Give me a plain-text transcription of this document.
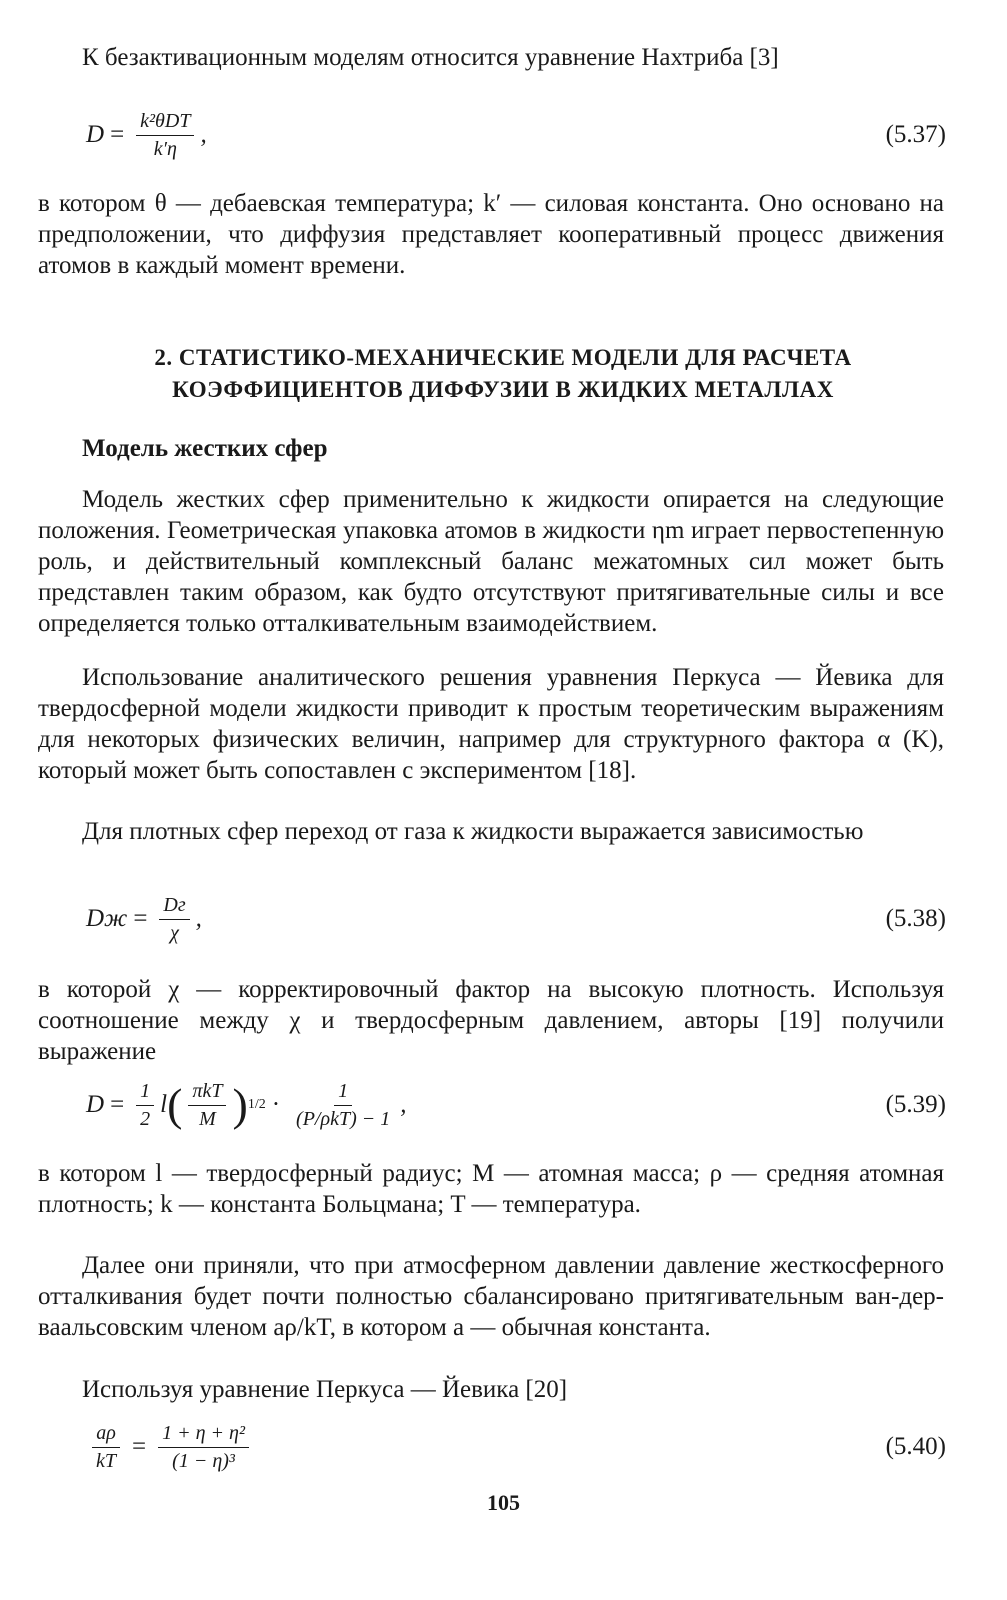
К безактивационным моделям относится уравнение Нахтриба [3]

$D = \frac{\text{k²θDT}}{k'\eta}$ ,	(5.37)

в котором θ — дебаевская температура; k′ — силовая константа. Оно основано на предположении, что диффузия представляет кооперативный процесс движения атомов в каждый момент времени.

2. СТАТИСТИКО-МЕХАНИЧЕСКИЕ МОДЕЛИ ДЛЯ РАСЧЕТА
КОЭФФИЦИЕНТОВ ДИФФУЗИИ В ЖИДКИХ МЕТАЛЛАХ
Модель жестких сфер

Модель жестких сфер применительно к жидкости опирается на следующие положения. Геометрическая упаковка атомов в жидкости ηm играет первостепенную роль, и действительный комплексный баланс межатомных сил может быть представлен таким образом, как будто отсутствуют притягивательные силы и все определяется только отталкивательным взаимодействием.

Использование аналитического решения уравнения Перкуса — Йевика для твердосферной модели жидкости приводит к простым теоретическим выражениям для некоторых физических величин, например для структурного фактора α (K), который может быть сопоставлен с экспериментом [18].

Для плотных сфер переход от газа к жидкости выражается зависимостью

Dж = $\frac{Dг}{\chi}$ ,	(5.38)

в которой χ — корректировочный фактор на высокую плотность. Используя соотношение между χ и твердосферным давлением, авторы [19] получили выражение

$D = \frac{1}{2}$ l ( $\frac{\text{πkT}}{M}$ ) $1/2 \cdot \frac{1}{\text{(P/ρkT) − 1}}$ ,	(5.39)

в котором l — твердосферный радиус; M — атомная масса; ρ — средняя атомная плотность; k — константа Больцмана; T — температура.

Далее они приняли, что при атмосферном давлении давление жесткосферного отталкивания будет почти полностью сбалансировано притягивательным ван-дер-ваальсовским членом aρ/kT, в котором a — обычная константа.

Используя уравнение Перкуса — Йевика [20]

$\frac{a\rho}{kT} = \frac{\text{1 + η + η²}}{\text{(1 − η)³}}$	(5.40)
105
